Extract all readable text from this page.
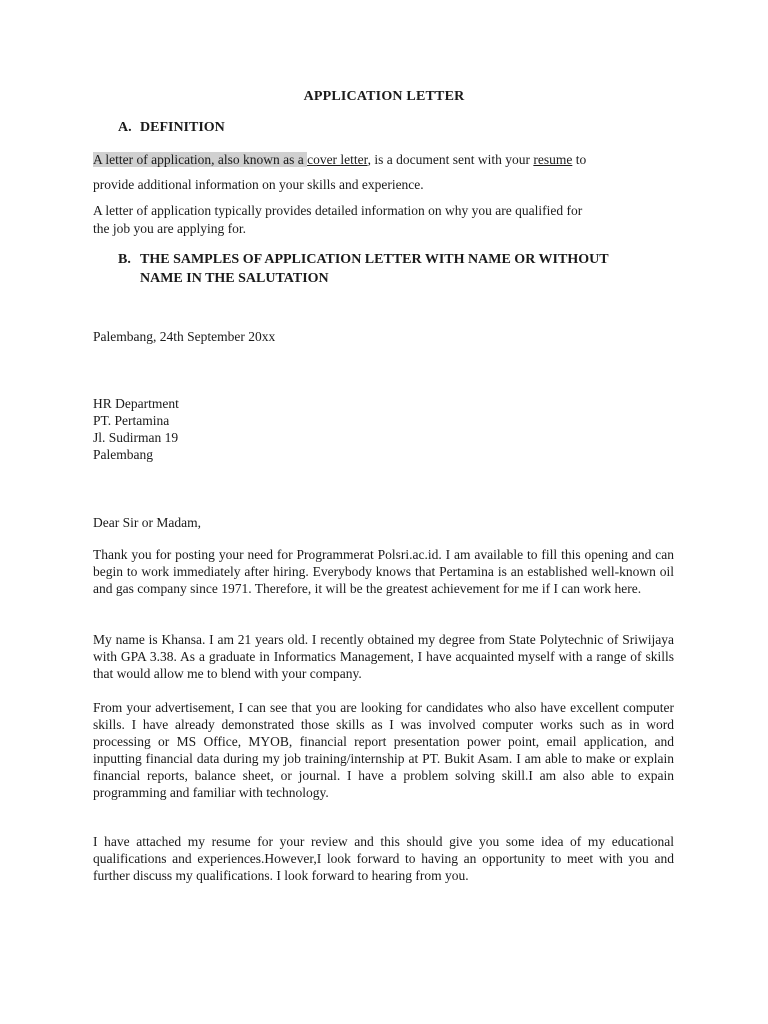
APPLICATION LETTER
A. DEFINITION
A letter of application, also known as a cover letter, is a document sent with your resume to
provide additional information on your skills and experience.
A letter of application typically provides detailed information on why you are qualified for
the job you are applying for.
B. THE SAMPLES OF APPLICATION LETTER WITH NAME OR WITHOUT
NAME IN THE SALUTATION
Palembang, 24th September 20xx
HR Department
PT. Pertamina
Jl. Sudirman 19
Palembang
Dear Sir or Madam,

Thank you for posting your need for Programmerat Polsri.ac.id. I am available to fill this opening and can begin to work immediately after hiring. Everybody knows that Pertamina is an established well-known oil and gas company since 1971. Therefore, it will be the greatest achievement for me if I can work here.

My name is Khansa. I am 21 years old. I recently obtained my degree from State Polytechnic of Sriwijaya with GPA 3.38. As a graduate in Informatics Management, I have acquainted myself with a range of skills that would allow me to blend with your company.

From your advertisement, I can see that you are looking for candidates who also have excellent computer skills. I have already demonstrated those skills as I was involved computer works such as in word processing or MS Office, MYOB, financial report presentation power point, email application, and inputting financial data during my job training/internship at PT. Bukit Asam. I am able to make or explain financial reports, balance sheet, or journal. I have a problem solving skill.I am also able to expain programming and familiar with technology.

I have attached my resume for your review and this should give you some idea of my educational qualifications and experiences.However,I look forward to having an opportunity to meet with you and further discuss my qualifications. I look forward to hearing from you.
